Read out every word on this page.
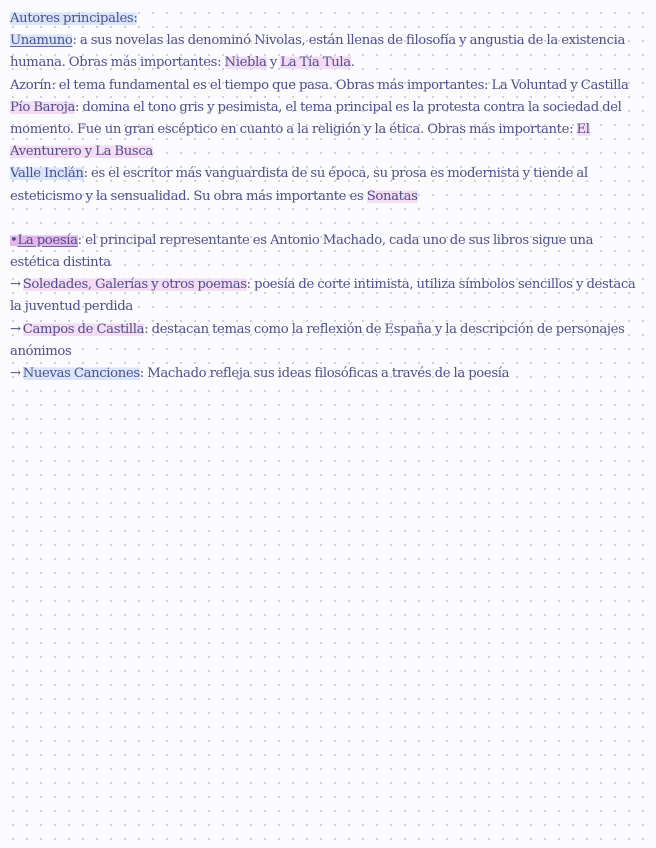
Autores principales:

Unamuno: a sus novelas las denominó Nivolas, están llenas de filosofía y angustia de la existencia humana. Obras más importantes: Niebla y La Tía Tula.

Azorín: el tema fundamental es el tiempo que pasa. Obras más importantes: La Voluntad y Castilla

Pío Baroja: domina el tono gris y pesimista, el tema principal es la protesta contra la sociedad del momento. Fue un gran escéptico en cuanto a la religión y la ética. Obras más importante: El Aventurero y La Busca

Valle Inclán: es el escritor más vanguardista de su época, su prosa es modernista y tiende al esteticismo y la sensualidad. Su obra más importante es Sonatas

•La poesía: el principal representante es Antonio Machado, cada uno de sus libros sigue una estética distinta

→ Soledades, Galerías y otros poemas: poesía de corte intimista, utiliza símbolos sencillos y destaca la juventud perdida

→ Campos de Castilla: destacan temas como la reflexión de España y la descripción de personajes anónimos

→ Nuevas Canciones: Machado refleja sus ideas filosóficas a través de la poesía
